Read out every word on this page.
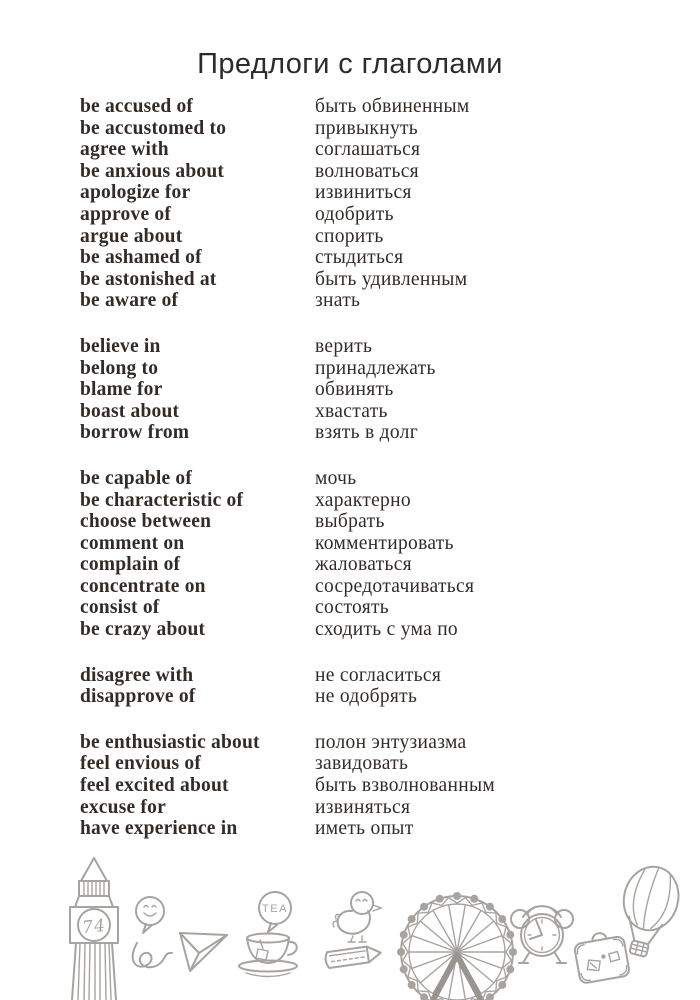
Предлоги с глаголами
be accused of	быть обвиненным
be accustomed to	привыкнуть
agree with	соглашаться
be anxious about	волноваться
apologize for	извиниться
approve of	одобрить
argue about	спорить
be ashamed of	стыдиться
be astonished at	быть удивленным
be aware of	знать
believe in	верить
belong to	принадлежать
blame for	обвинять
boast about	хвастать
borrow from	взять в долг
be capable of	мочь
be characteristic of	характерно
choose between	выбрать
comment on	комментировать
complain of	жаловаться
concentrate on	сосредотачиваться
consist of	состоять
be crazy about	сходить с ума по
disagree with	не согласиться
disapprove of	не одобрять
be enthusiastic about	полон энтузиазма
feel envious of	завидовать
feel excited about	быть взволнованным
excuse for	извиняться
have experience in	иметь опыт
74
TEA
